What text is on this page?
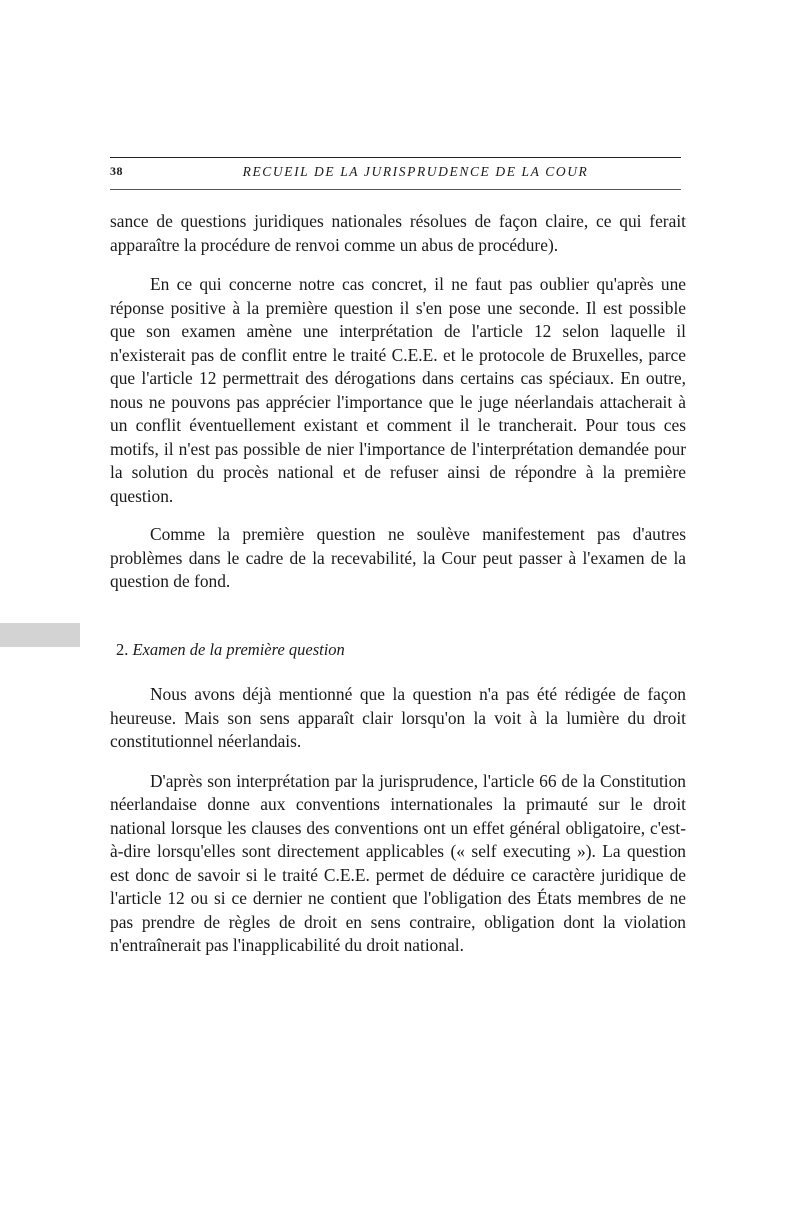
38	RECUEIL DE LA JURISPRUDENCE DE LA COUR

sance de questions juridiques nationales résolues de façon claire, ce qui ferait apparaître la procédure de renvoi comme un abus de procédure).

En ce qui concerne notre cas concret, il ne faut pas oublier qu'après une réponse positive à la première question il s'en pose une seconde. Il est possible que son examen amène une interprétation de l'article 12 selon laquelle il n'existerait pas de conflit entre le traité C.E.E. et le protocole de Bruxelles, parce que l'article 12 permettrait des dérogations dans certains cas spéciaux. En outre, nous ne pouvons pas apprécier l'importance que le juge néerlandais attacherait à un conflit éventuellement existant et comment il le trancherait. Pour tous ces motifs, il n'est pas possible de nier l'importance de l'interprétation demandée pour la solution du procès national et de refuser ainsi de répondre à la première question.

Comme la première question ne soulève manifestement pas d'autres problèmes dans le cadre de la recevabilité, la Cour peut passer à l'examen de la question de fond.

2. Examen de la première question

Nous avons déjà mentionné que la question n'a pas été rédigée de façon heureuse. Mais son sens apparaît clair lorsqu'on la voit à la lumière du droit constitutionnel néerlandais.

D'après son interprétation par la jurisprudence, l'article 66 de la Constitution néerlandaise donne aux conventions internationales la primauté sur le droit national lorsque les clauses des conventions ont un effet général obligatoire, c'est-à-dire lorsqu'elles sont directement applicables (« self executing »). La question est donc de savoir si le traité C.E.E. permet de déduire ce caractère juridique de l'article 12 ou si ce dernier ne contient que l'obligation des États membres de ne pas prendre de règles de droit en sens contraire, obligation dont la violation n'entraînerait pas l'inapplicabilité du droit national.
